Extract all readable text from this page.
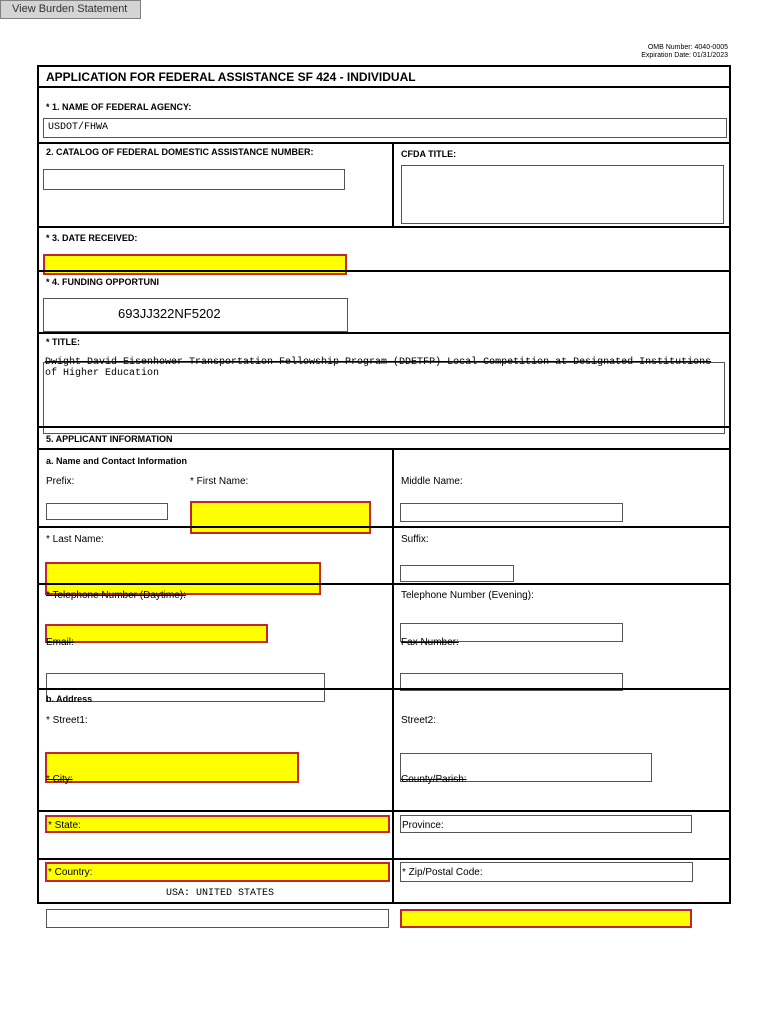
View Burden Statement
OMB Number: 4040-0005
Expiration Date: 01/31/2023
APPLICATION FOR FEDERAL ASSISTANCE SF 424 - INDIVIDUAL
* 1. NAME OF FEDERAL AGENCY:
USDOT/FHWA
2. CATALOG OF FEDERAL DOMESTIC ASSISTANCE NUMBER:	CFDA TITLE:
* 3. DATE RECEIVED:
* 4. FUNDING OPPORTUNI
693JJ322NF5202
* TITLE:
Dwight David Eisenhower Transportation Fellowship Program (DDETFP) Local Competition at Designated Institutions
of Higher Education
5. APPLICANT INFORMATION
a. Name and Contact Information
Prefix:	* First Name:	Middle Name:
* Last Name:	Suffix:
* Telephone Number (Daytime):	Telephone Number (Evening):
Email:	Fax Number:
b. Address
* Street1:	Street2:
* City:	County/Parish:
* State:	Province:
* Country:	* Zip/Postal Code:
USA: UNITED STATES
